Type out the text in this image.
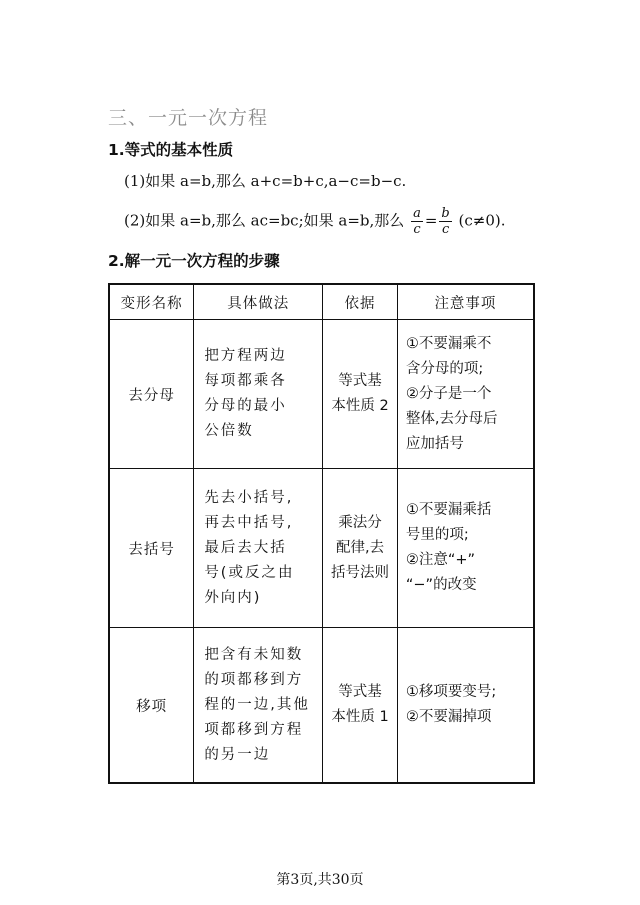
三、一元一次方程
1.等式的基本性质
(1)如果 a=b,那么 a+c=b+c,a−c=b−c.
(2)如果 a=b,那么 ac=bc;如果 a=b,那么 $\frac{a}{c} = \frac{b}{c} (c\ne 0)$.
2.解一元一次方程的步骤
变形名称	具体做法	依据	注意事项
去分母	把方程两边
每项都乘各
分母的最小
公倍数	等式基
本性质 2	①不要漏乘不
含分母的项;
②分子是一个
整体,去分母后
应加括号

去括号	先去小括号,
再去中括号,
最后去大括
号(或反之由
外向内)	乘法分
配律,去
括号法则	①不要漏乘括
号里的项;
②注意“+”
“−”的改变

移项	把含有未知数
的项都移到方
程的一边,其他
项都移到方程
的另一边	等式基
本性质 1	①移项要变号;
②不要漏掉项
第3页,共30页
